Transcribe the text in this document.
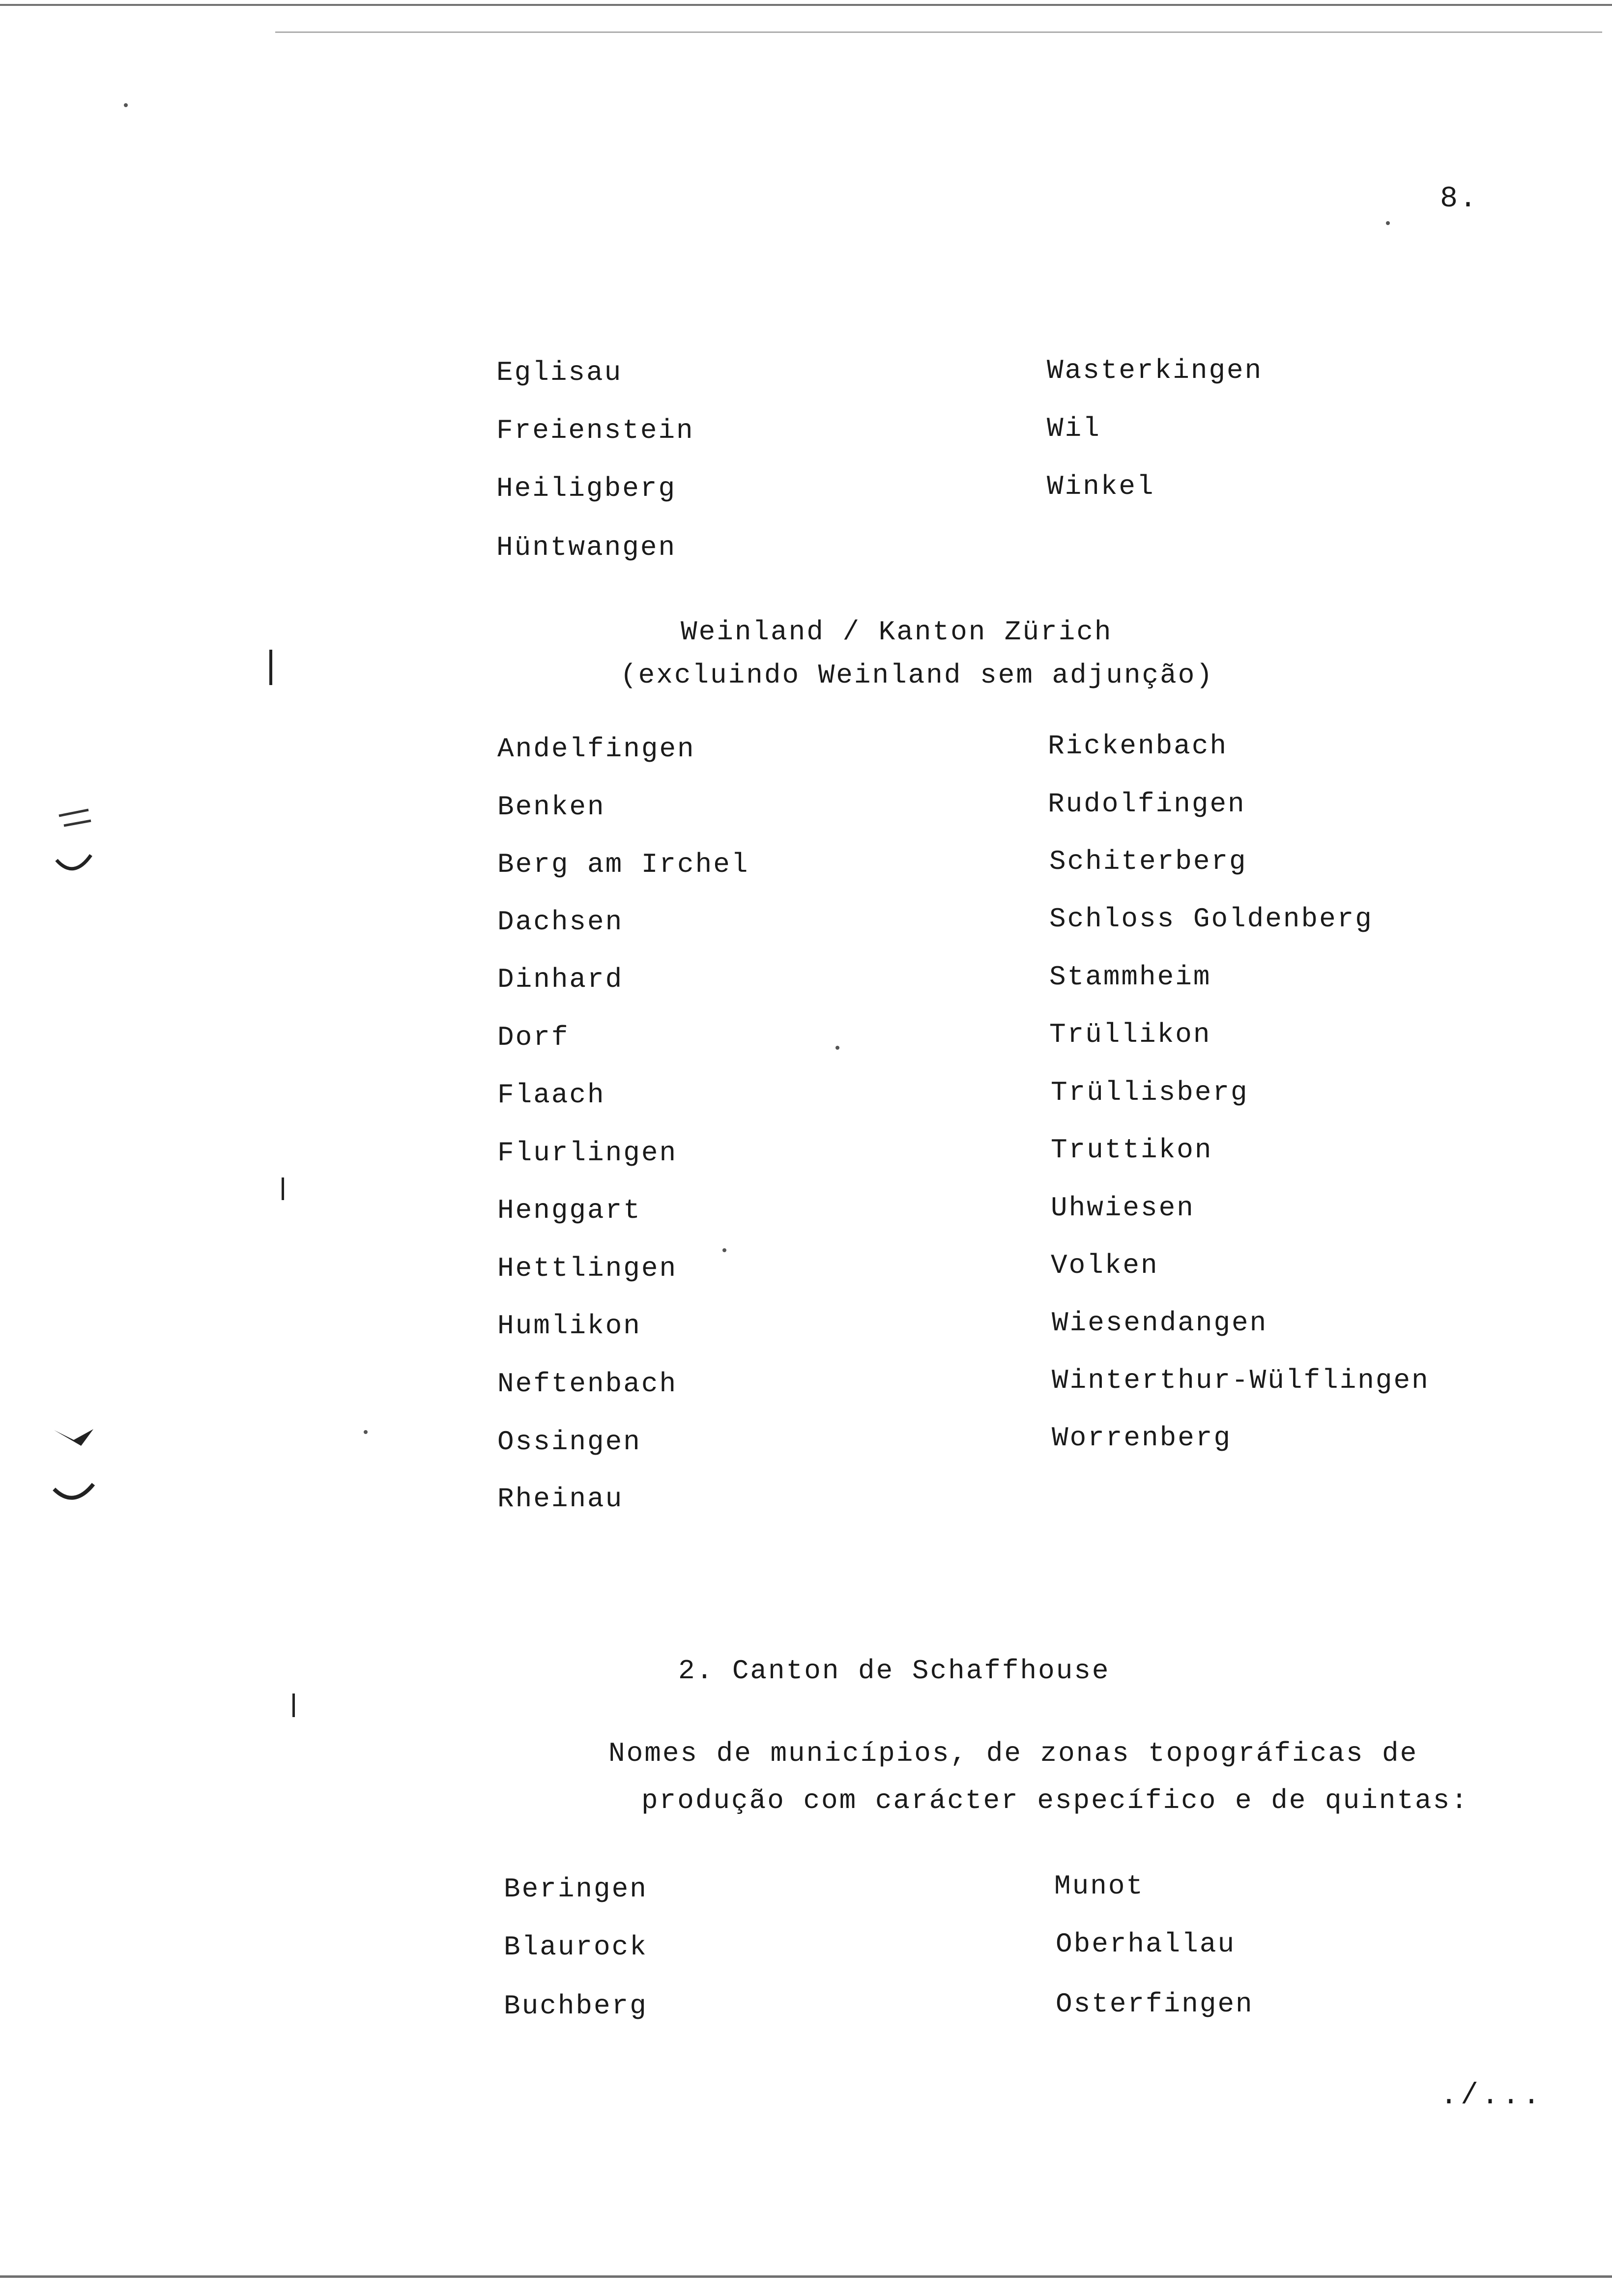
8.
Eglisau
Freienstein
Heiligberg
Hüntwangen
Wasterkingen
Wil
Winkel
Weinland / Kanton Zürich
(excluindo Weinland sem adjunção)
Andelfingen
Benken
Berg am Irchel
Dachsen
Dinhard
Dorf
Flaach
Flurlingen
Henggart
Hettlingen
Humlikon
Neftenbach
Ossingen
Rheinau
Rickenbach
Rudolfingen
Schiterberg
Schloss Goldenberg
Stammheim
Trüllikon
Trüllisberg
Truttikon
Uhwiesen
Volken
Wiesendangen
Winterthur-Wülflingen
Worrenberg
2. Canton de Schaffhouse
Nomes de municípios, de zonas topográficas de
produção com carácter específico e de quintas:
Beringen
Blaurock
Buchberg
Munot
Oberhallau
Osterfingen
./...
